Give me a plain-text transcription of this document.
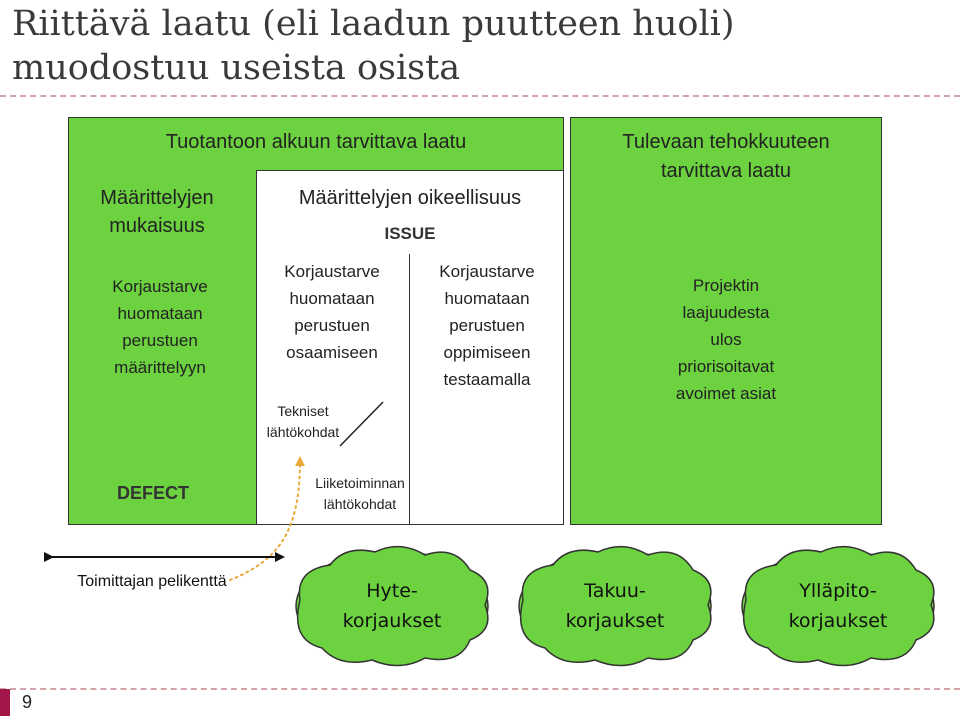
Riittävä laatu (eli laadun puutteen huoli)
muodostuu useista osista
Tuotantoon alkuun tarvittava laatu
Määrittelyjen
mukaisuus
Korjaustarve
huomataan
perustuen
määrittelyyn
DEFECT
Määrittelyjen oikeellisuus
ISSUE
Korjaustarve
huomataan
perustuen
osaamiseen
Tekniset
lähtökohdat
Liiketoiminnan
lähtökohdat
Korjaustarve
huomataan
perustuen
oppimiseen
testaamalla
Tulevaan tehokkuuteen
tarvittava laatu
Projektin
laajuudesta
ulos
priorisoitavat
avoimet asiat
Toimittajan pelikenttä	Hyte-
korjaukset
Takuu-
korjaukset
Ylläpito-
korjaukset
9
